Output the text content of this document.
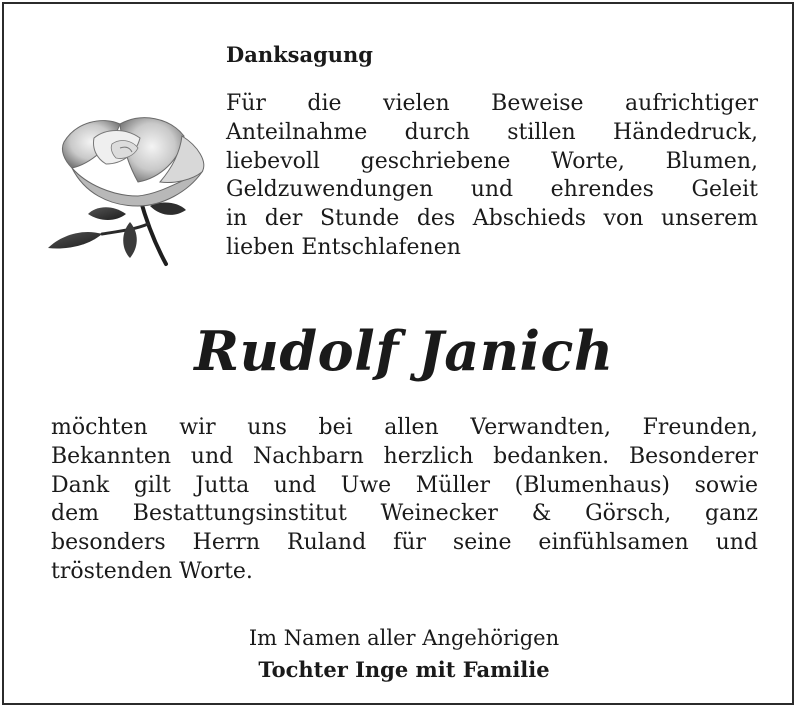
Danksagung
Für die vielen Beweise aufrichtiger
Anteilnahme durch stillen Händedruck,
liebevoll geschriebene Worte, Blumen,
Geldzuwendungen und ehrendes Geleit
in der Stunde des Abschieds von unserem
lieben Entschlafenen
Rudolf Janich
möchten wir uns bei allen Verwandten, Freunden,
Bekannten und Nachbarn herzlich bedanken. Besonderer
Dank gilt Jutta und Uwe Müller (Blumenhaus) sowie
dem Bestattungsinstitut Weinecker & Görsch, ganz
besonders Herrn Ruland für seine einfühlsamen und
tröstenden Worte.
Im Namen aller Angehörigen
Tochter Inge mit Familie
